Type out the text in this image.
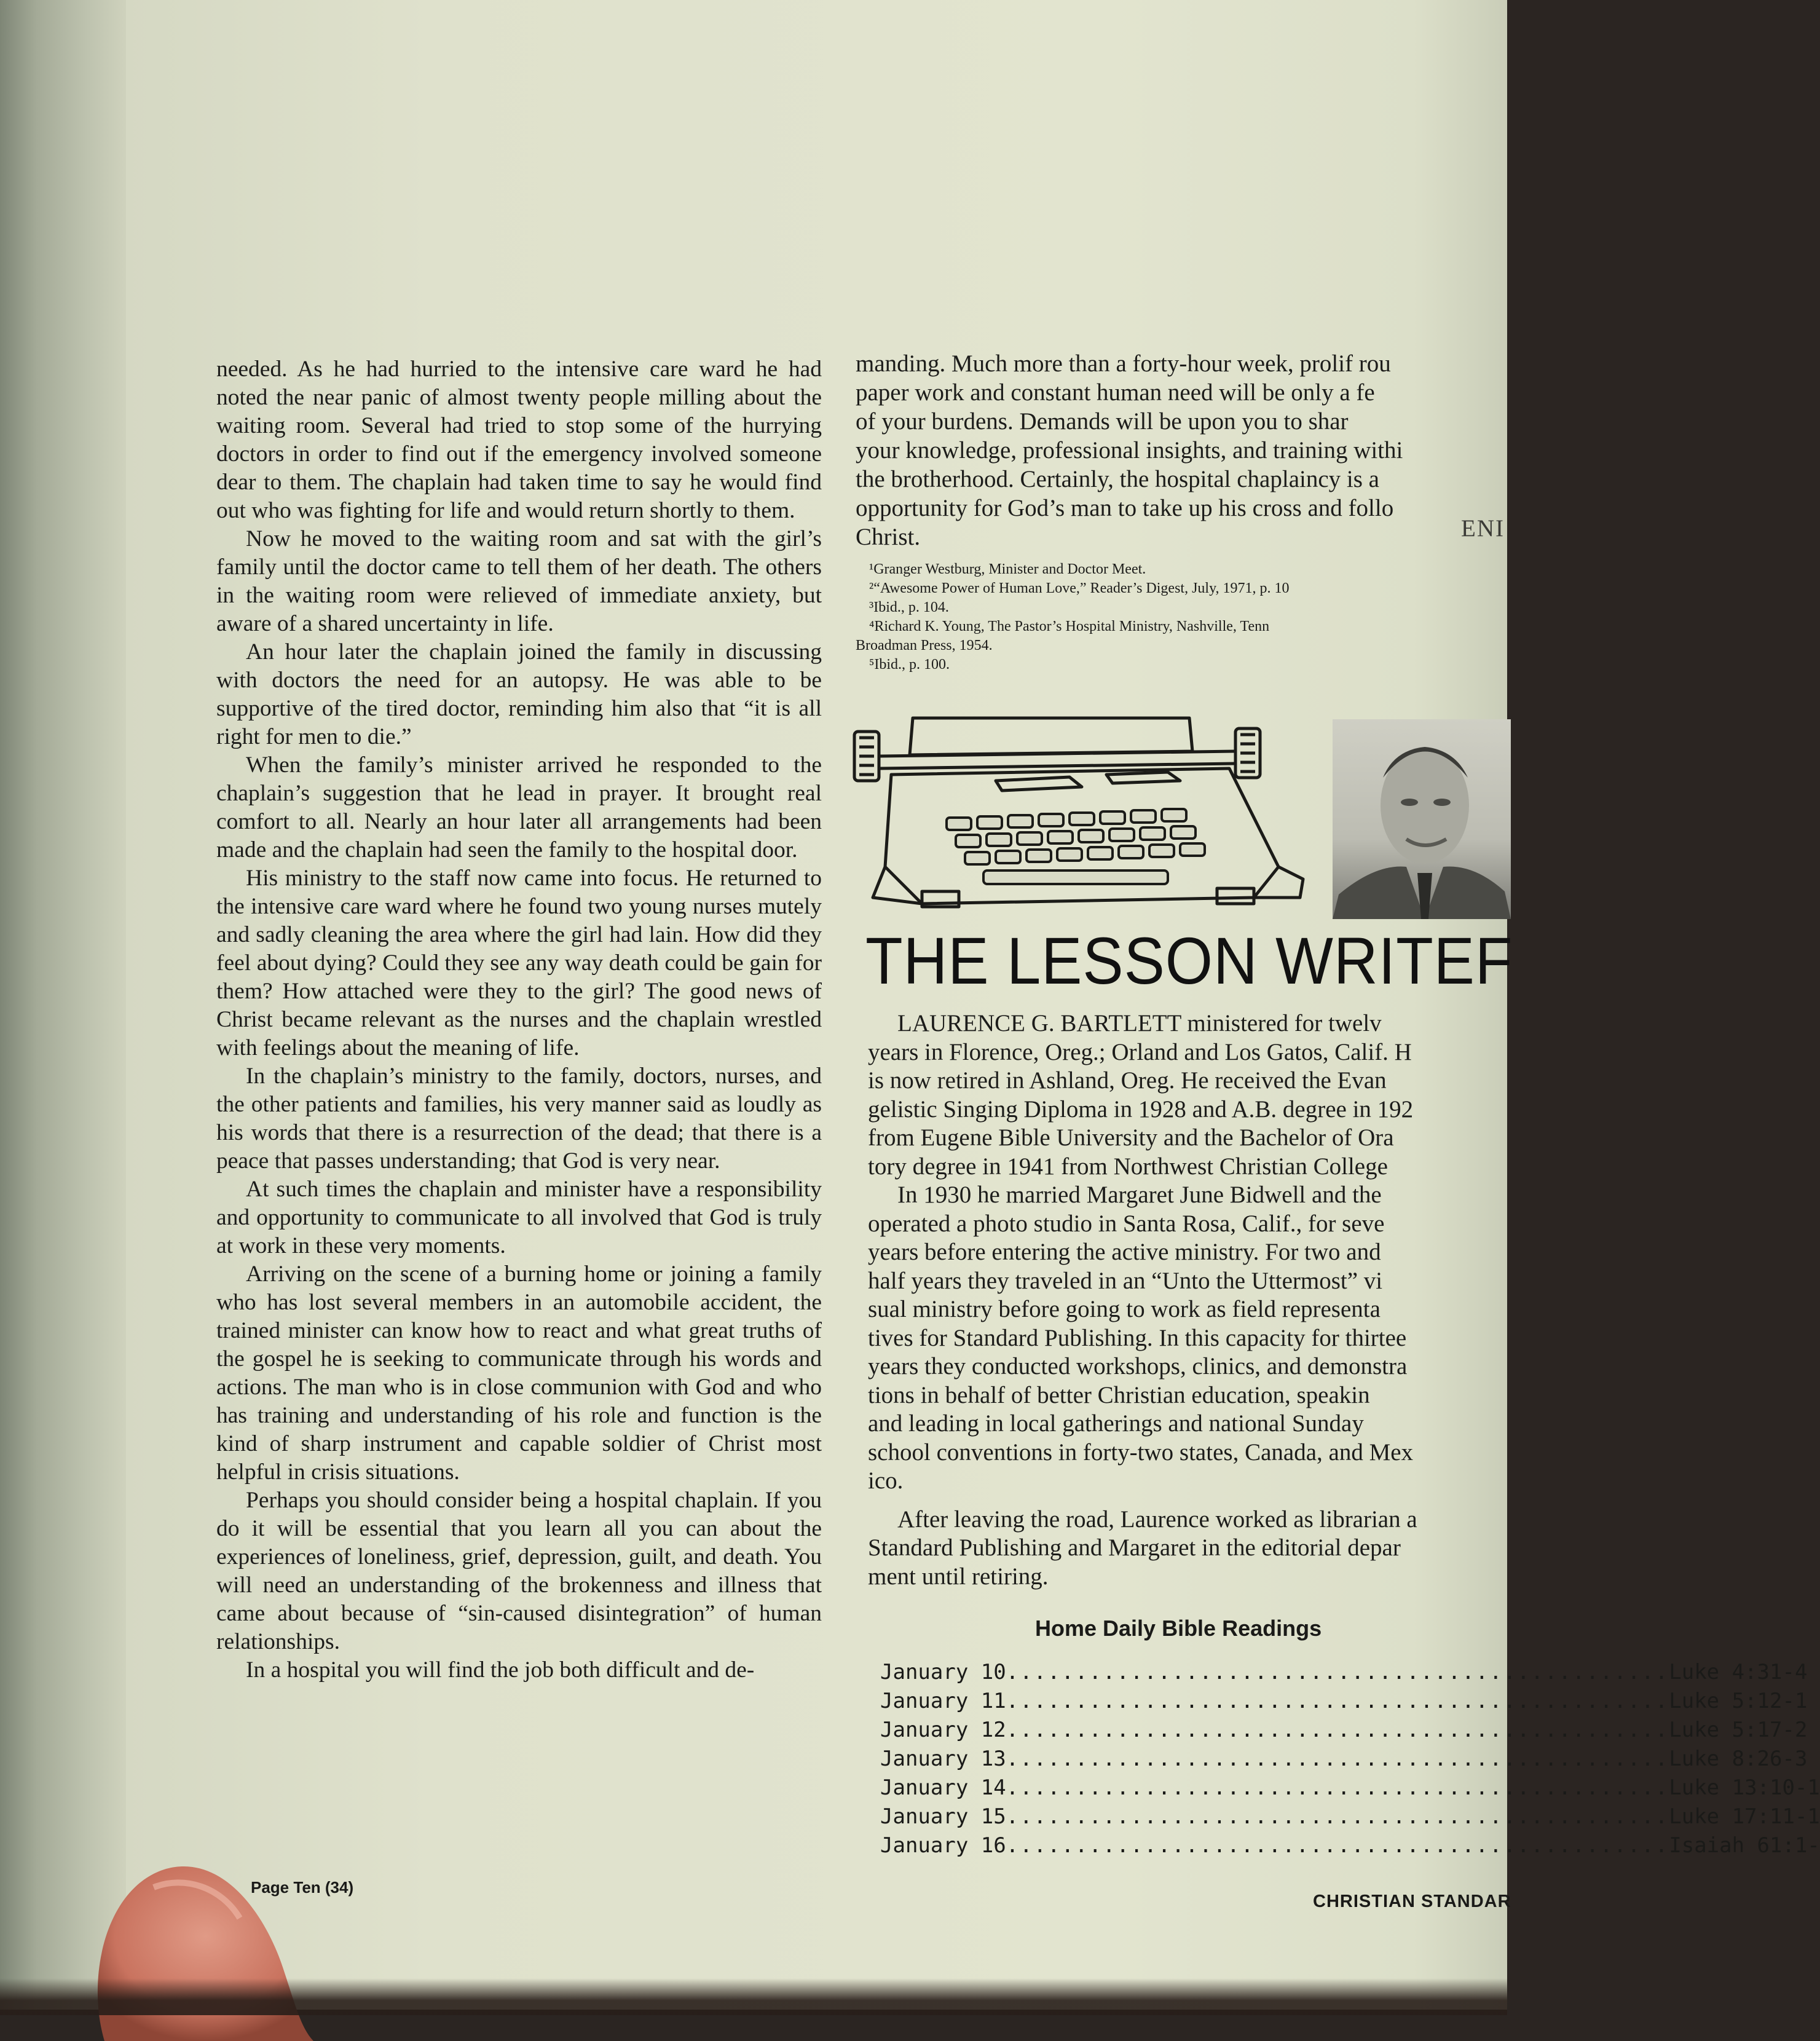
needed. As he had hurried to the intensive care ward he had noted the near panic of almost twenty people milling about the waiting room. Several had tried to stop some of the hurrying doctors in order to find out if the emergency involved someone dear to them. The chaplain had taken time to say he would find out who was fighting for life and would return shortly to them.

Now he moved to the waiting room and sat with the girl’s family until the doctor came to tell them of her death. The others in the waiting room were relieved of immediate anxiety, but aware of a shared uncertainty in life.

An hour later the chaplain joined the family in discussing with doctors the need for an autopsy. He was able to be supportive of the tired doctor, reminding him also that “it is all right for men to die.”

When the family’s minister arrived he responded to the chaplain’s suggestion that he lead in prayer. It brought real comfort to all. Nearly an hour later all arrangements had been made and the chaplain had seen the family to the hospital door.

His ministry to the staff now came into focus. He returned to the intensive care ward where he found two young nurses mutely and sadly cleaning the area where the girl had lain. How did they feel about dying? Could they see any way death could be gain for them? How attached were they to the girl? The good news of Christ became relevant as the nurses and the chaplain wrestled with feelings about the meaning of life.

In the chaplain’s ministry to the family, doctors, nurses, and the other patients and families, his very manner said as loudly as his words that there is a resurrection of the dead; that there is a peace that passes understanding; that God is very near.

At such times the chaplain and minister have a responsibility and opportunity to communicate to all involved that God is truly at work in these very moments.

Arriving on the scene of a burning home or joining a family who has lost several members in an automobile accident, the trained minister can know how to react and what great truths of the gospel he is seeking to communicate through his words and actions. The man who is in close communion with God and who has training and understanding of his role and function is the kind of sharp instrument and capable soldier of Christ most helpful in crisis situations.

Perhaps you should consider being a hospital chaplain. If you do it will be essential that you learn all you can about the experiences of loneliness, grief, depression, guilt, and death. You will need an understanding of the brokenness and illness that came about because of “sin-caused disintegration” of human relationships.

In a hospital you will find the job both difficult and de-

manding. Much more than a forty-hour week, prolif rou
paper work and constant human need will be only a fe
of your burdens. Demands will be upon you to shar
your knowledge, professional insights, and training withi
the brotherhood. Certainly, the hospital chaplaincy is a
opportunity for God’s man to take up his cross and follo
Christ.	ENI
¹Granger Westburg, Minister and Doctor Meet.
²“Awesome Power of Human Love,” Reader’s Digest, July, 1971, p. 10
³Ibid., p. 104.
⁴Richard K. Young, The Pastor’s Hospital Ministry, Nashville, Tenn
Broadman Press, 1954.
⁵Ibid., p. 100.
THE LESSON WRITEF
LAURENCE G. BARTLETT ministered for twelv
years in Florence, Oreg.; Orland and Los Gatos, Calif. H
is now retired in Ashland, Oreg. He received the Evan
gelistic Singing Diploma in 1928 and A.B. degree in 192
from Eugene Bible University and the Bachelor of Ora
tory degree in 1941 from Northwest Christian College
In 1930 he married Margaret June Bidwell and the
operated a photo studio in Santa Rosa, Calif., for seve
years before entering the active ministry. For two and
half years they traveled in an “Unto the Uttermost” vi
sual ministry before going to work as field representa
tives for Standard Publishing. In this capacity for thirtee
years they conducted workshops, clinics, and demonstra
tions in behalf of better Christian education, speakin
and leading in local gatherings and national Sunday
school conventions in forty-two states, Canada, and Mex
ico.
After leaving the road, Laurence worked as librarian a
Standard Publishing and Margaret in the editorial depar
ment until retiring.
Home Daily Bible Readings
January 10 ................................................ Luke 4:31-4
January 11 ................................................ Luke 5:12-1
January 12 ................................................ Luke 5:17-2
January 13 ................................................ Luke 8:26-3
January 14 ................................................ Luke 13:10-1
January 15 ................................................ Luke 17:11-1
January 16 ................................................ Isaiah 61:1-
Page Ten (34)
CHRISTIAN STANDAR
